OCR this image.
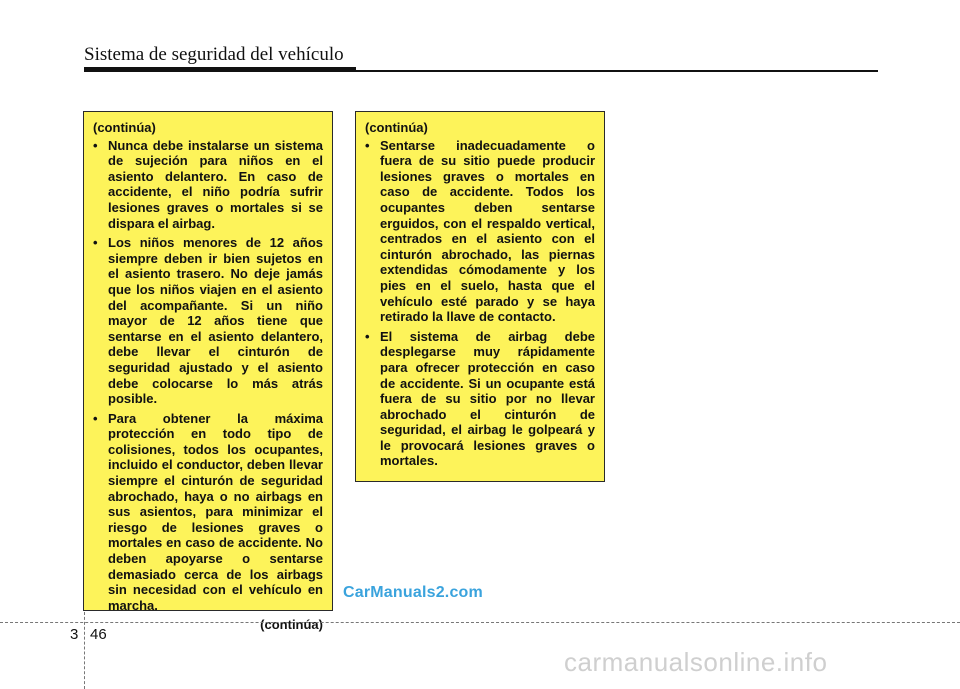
Sistema de seguridad del vehículo
(continúa)
• Nunca debe instalarse un sistema de sujeción para niños en el asiento delantero. En caso de accidente, el niño podría sufrir lesiones graves o mortales si se dispara el airbag.
• Los niños menores de 12 años siempre deben ir bien sujetos en el asiento trasero. No deje jamás que los niños viajen en el asiento del acompañante. Si un niño mayor de 12 años tiene que sentarse en el asiento delantero, debe llevar el cinturón de seguridad ajustado y el asiento debe colocarse lo más atrás posible.
• Para obtener la máxima protección en todo tipo de colisiones, todos los ocupantes, incluido el conductor, deben llevar siempre el cinturón de seguridad abrochado, haya o no airbags en sus asientos, para minimizar el riesgo de lesiones graves o mortales en caso de accidente. No deben apoyarse o sentarse demasiado cerca de los airbags sin necesidad con el vehículo en marcha.
(continúa)
(continúa)
• Sentarse inadecuadamente o fuera de su sitio puede producir lesiones graves o mortales en caso de accidente. Todos los ocupantes deben sentarse erguidos, con el respaldo vertical, centrados en el asiento con el cinturón abrochado, las piernas extendidas cómodamente y los pies en el suelo, hasta que el vehículo esté parado y se haya retirado la llave de contacto.
• El sistema de airbag debe desplegarse muy rápidamente para ofrecer protección en caso de accidente. Si un ocupante está fuera de su sitio por no llevar abrochado el cinturón de seguridad, el airbag le golpeará y le provocará lesiones graves o mortales.
CarManuals2.com
3 46
carmanualsonline.info
